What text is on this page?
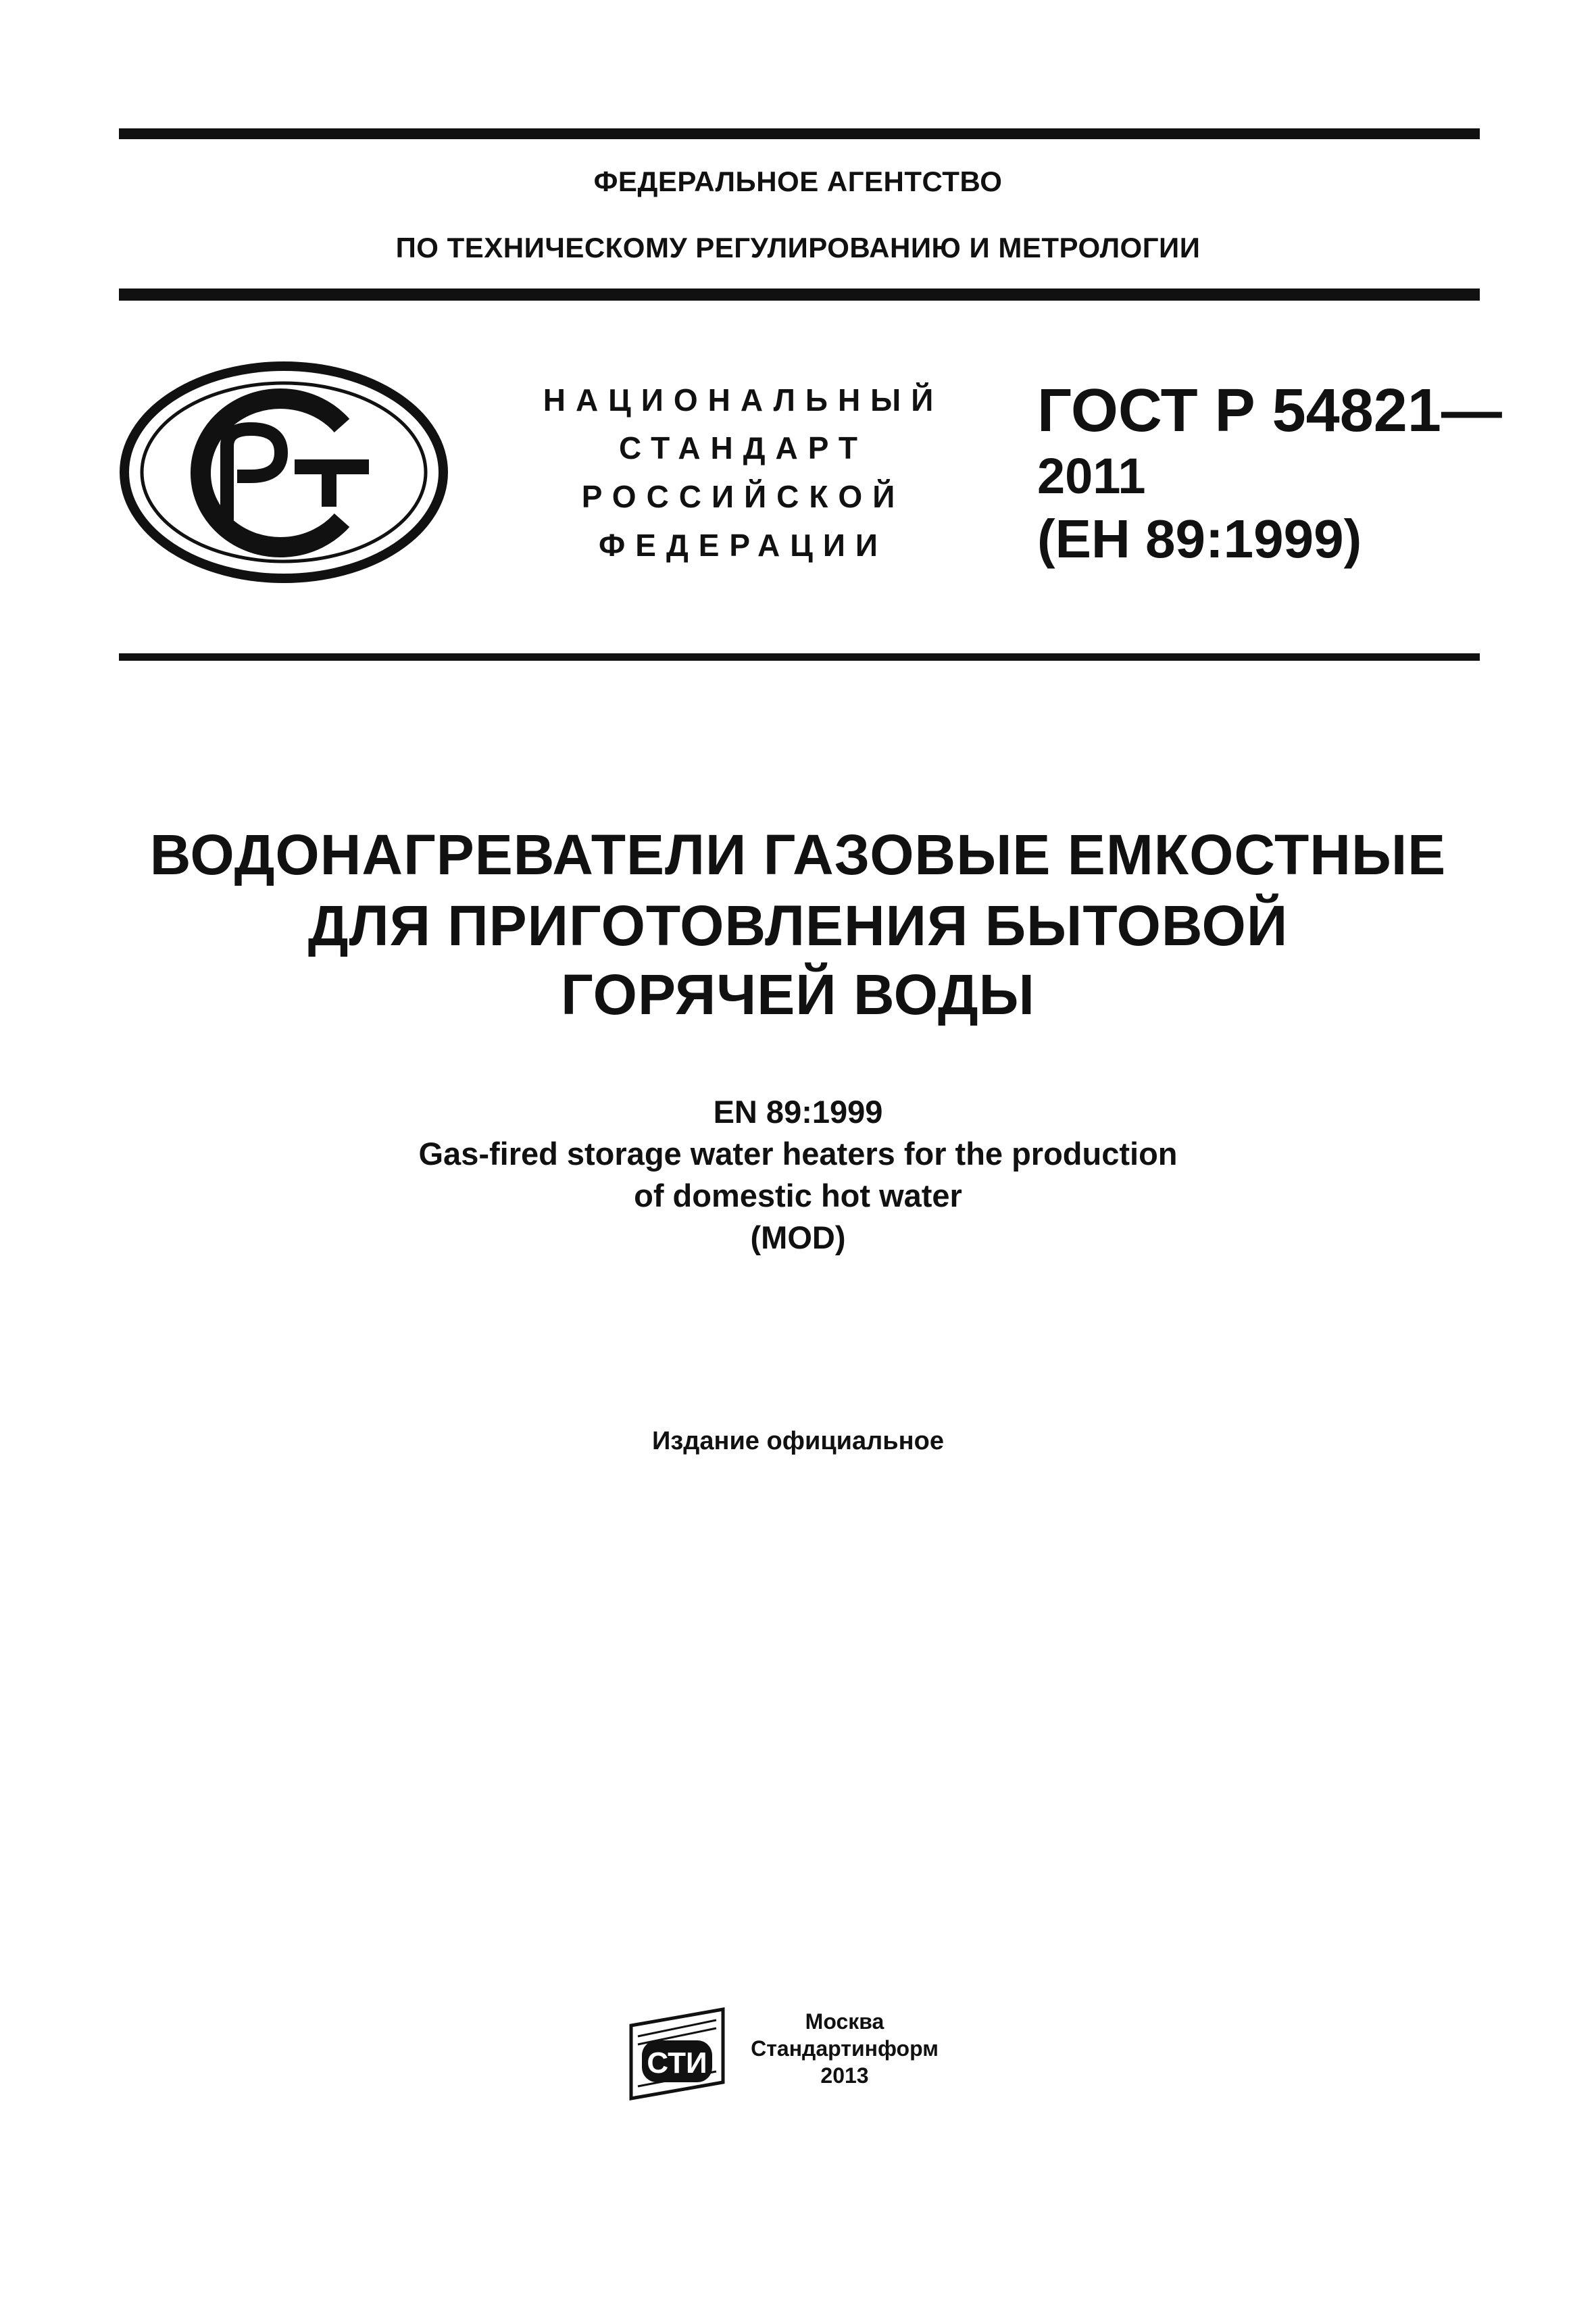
ФЕДЕРАЛЬНОЕ АГЕНТСТВО
ПО ТЕХНИЧЕСКОМУ РЕГУЛИРОВАНИЮ И МЕТРОЛОГИИ
НАЦИОНАЛЬНЫЙ
СТАНДАРТ
РОССИЙСКОЙ
ФЕДЕРАЦИИ
ГОСТ Р 54821—
2011
(ЕН 89:1999)
ВОДОНАГРЕВАТЕЛИ ГАЗОВЫЕ ЕМКОСТНЫЕ
ДЛЯ ПРИГОТОВЛЕНИЯ БЫТОВОЙ
ГОРЯЧЕЙ ВОДЫ
EN 89:1999
Gas-fired storage water heaters for the production
of domestic hot water
(MOD)
Издание официальное
СТИ
Москва
Стандартинформ
2013
